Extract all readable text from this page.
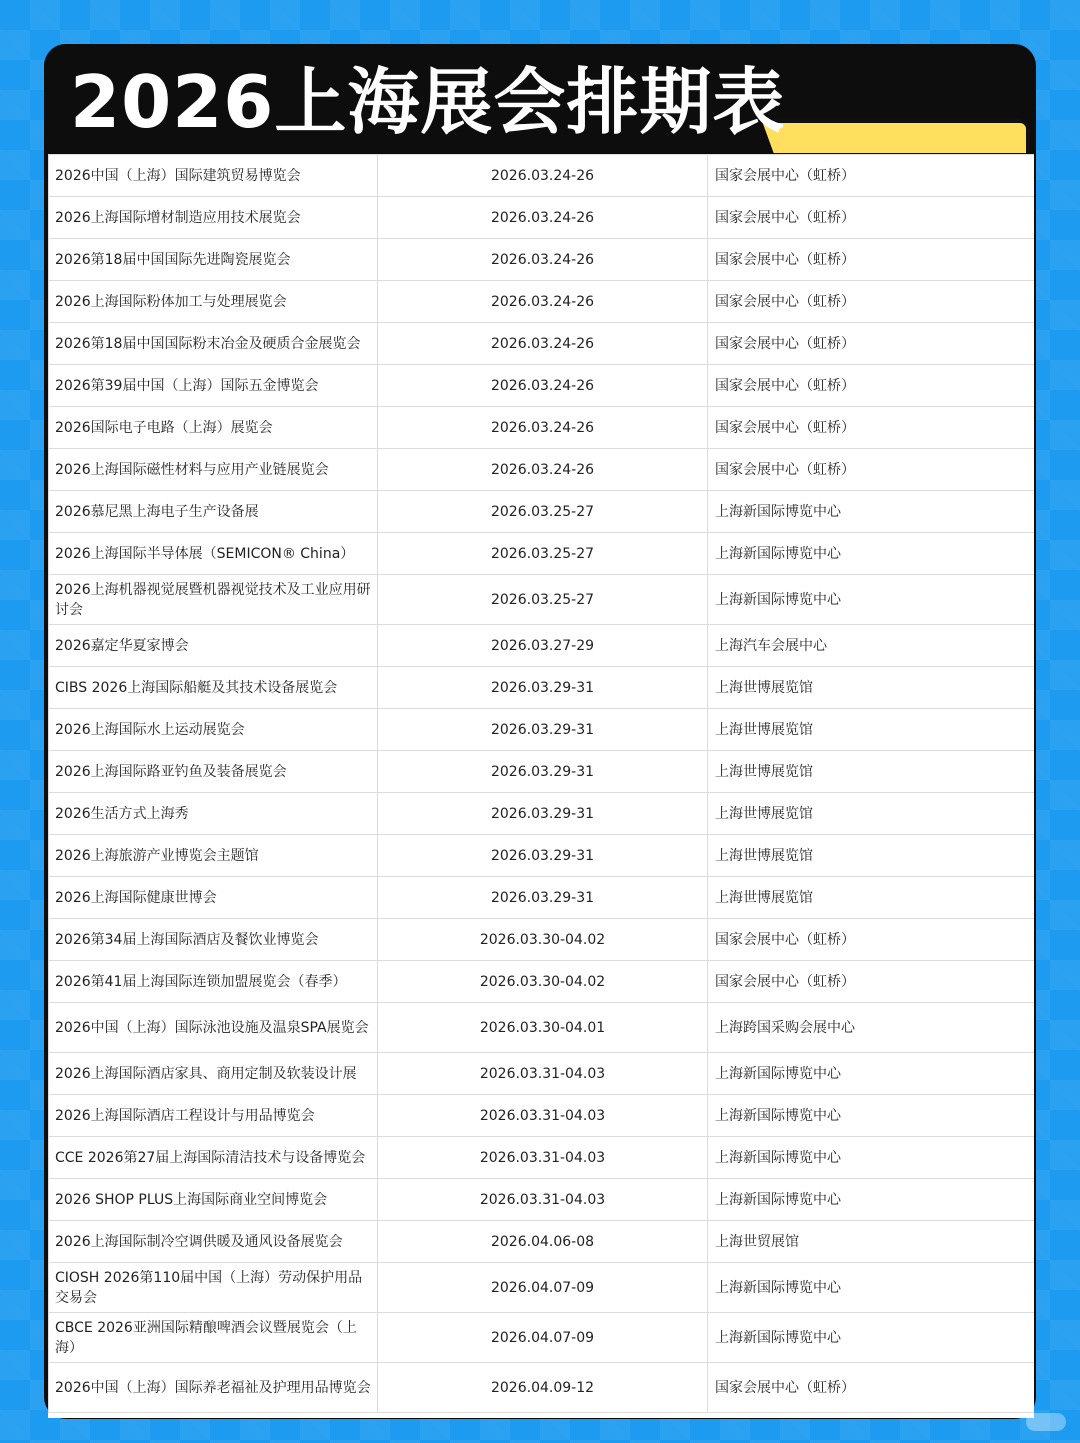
2026上海展会排期表
2026中国（上海）国际建筑贸易博览会	2026.03.24-26	国家会展中心（虹桥）
2026上海国际增材制造应用技术展览会	2026.03.24-26	国家会展中心（虹桥）
2026第18届中国国际先进陶瓷展览会	2026.03.24-26	国家会展中心（虹桥）
2026上海国际粉体加工与处理展览会	2026.03.24-26	国家会展中心（虹桥）
2026第18届中国国际粉末冶金及硬质合金展览会	2026.03.24-26	国家会展中心（虹桥）
2026第39届中国（上海）国际五金博览会	2026.03.24-26	国家会展中心（虹桥）
2026国际电子电路（上海）展览会	2026.03.24-26	国家会展中心（虹桥）
2026上海国际磁性材料与应用产业链展览会	2026.03.24-26	国家会展中心（虹桥）
2026慕尼黑上海电子生产设备展	2026.03.25-27	上海新国际博览中心
2026上海国际半导体展（SEMICON® China）	2026.03.25-27	上海新国际博览中心
2026上海机器视觉展暨机器视觉技术及工业应用研讨会	2026.03.25-27	上海新国际博览中心
2026嘉定华夏家博会	2026.03.27-29	上海汽车会展中心
CIBS 2026上海国际船艇及其技术设备展览会	2026.03.29-31	上海世博展览馆
2026上海国际水上运动展览会	2026.03.29-31	上海世博展览馆
2026上海国际路亚钓鱼及装备展览会	2026.03.29-31	上海世博展览馆
2026生活方式上海秀	2026.03.29-31	上海世博展览馆
2026上海旅游产业博览会主题馆	2026.03.29-31	上海世博展览馆
2026上海国际健康世博会	2026.03.29-31	上海世博展览馆
2026第34届上海国际酒店及餐饮业博览会	2026.03.30-04.02	国家会展中心（虹桥）
2026第41届上海国际连锁加盟展览会（春季）	2026.03.30-04.02	国家会展中心（虹桥）
2026中国（上海）国际泳池设施及温泉SPA展览会	2026.03.30-04.01	上海跨国采购会展中心
2026上海国际酒店家具、商用定制及软装设计展	2026.03.31-04.03	上海新国际博览中心
2026上海国际酒店工程设计与用品博览会	2026.03.31-04.03	上海新国际博览中心
CCE 2026第27届上海国际清洁技术与设备博览会	2026.03.31-04.03	上海新国际博览中心
2026 SHOP PLUS上海国际商业空间博览会	2026.03.31-04.03	上海新国际博览中心
2026上海国际制冷空调供暖及通风设备展览会	2026.04.06-08	上海世贸展馆
CIOSH 2026第110届中国（上海）劳动保护用品交易会	2026.04.07-09	上海新国际博览中心
CBCE 2026亚洲国际精酿啤酒会议暨展览会（上海）	2026.04.07-09	上海新国际博览中心
2026中国（上海）国际养老福祉及护理用品博览会	2026.04.09-12	国家会展中心（虹桥）
